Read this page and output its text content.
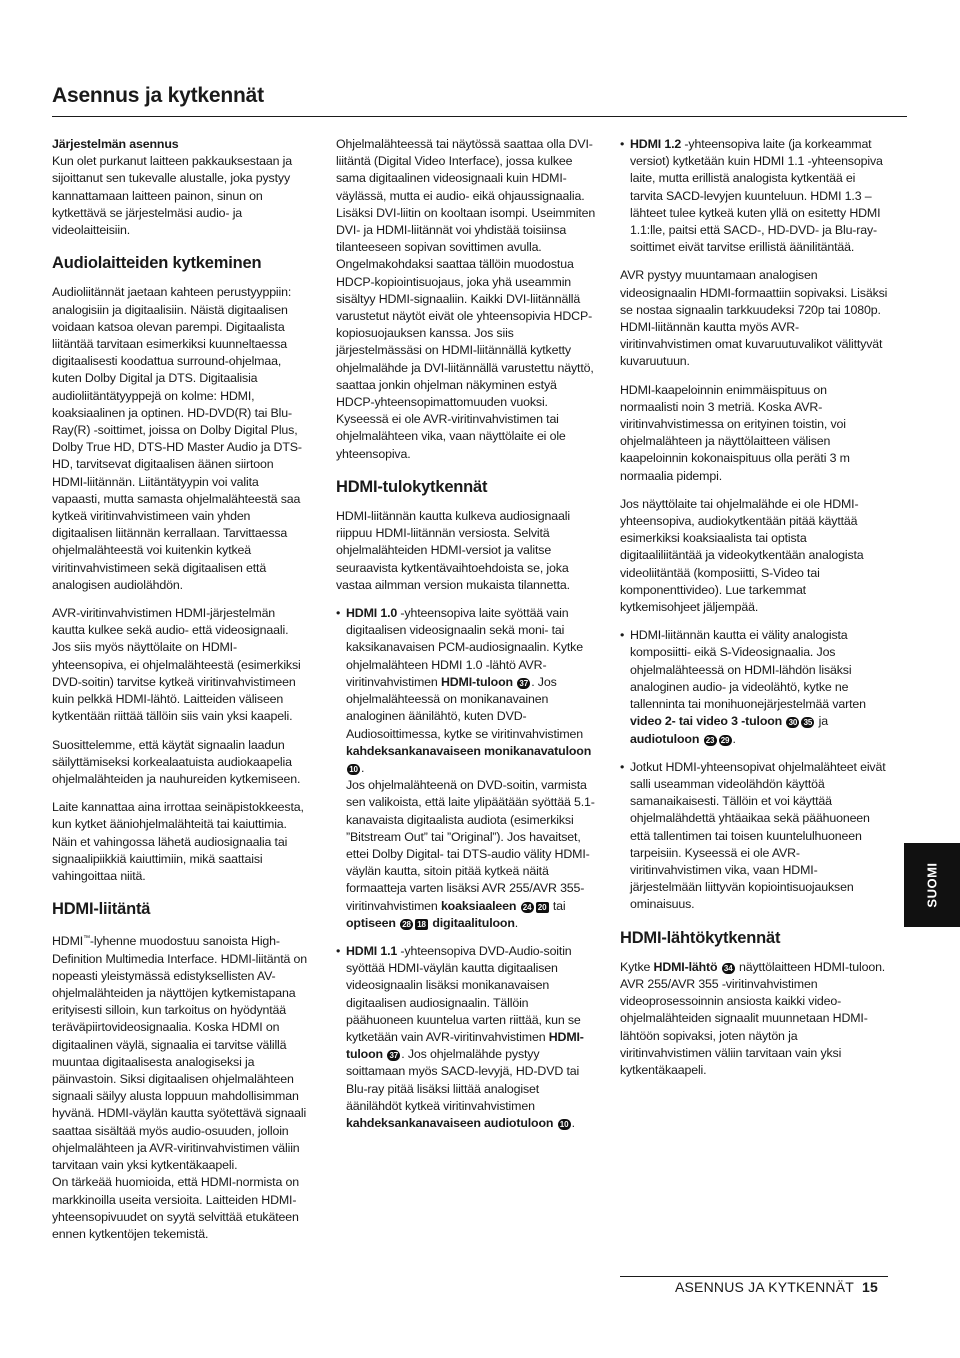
Asennus ja kytkennät
Järjestelmän asennus

Kun olet purkanut laitteen pakkauksestaan ja sijoittanut sen tukevalle alustalle, joka pystyy kannattamaan laitteen painon, sinun on kytkettävä se järjestelmäsi audio- ja videolaitteisiin.

Audiolaitteiden kytkeminen

Audioliitännät jaetaan kahteen perustyyppiin: analogisiin ja digitaalisiin. Näistä digitaalisen voidaan katsoa olevan parempi. Digitaalista liitäntää tarvitaan esimerkiksi kuunneltaessa digitaalisesti koodattua surround-ohjelmaa, kuten Dolby Digital ja DTS. Digitaalisia audioliitäntätyyppejä on kolme: HDMI, koaksiaalinen ja optinen. HD-DVD(R) tai Blu-Ray(R) -soittimet, joissa on Dolby Digital Plus, Dolby True HD, DTS-HD Master Audio ja DTS-HD, tarvitsevat digitaalisen äänen siirtoon HDMI-liitännän. Liitäntätyypin voi valita vapaasti, mutta samasta ohjelmalähteestä saa kytkeä viritinvahvistimeen vain yhden digitaalisen liitännän kerrallaan. Tarvittaessa ohjelmalähteestä voi kuitenkin kytkeä viritinvahvistimeen sekä digitaalisen että analogisen audiolähdön.

AVR-viritinvahvistimen HDMI-järjestelmän kautta kulkee sekä audio- että videosignaali. Jos siis myös näyttölaite on HDMI-yhteensopiva, ei ohjelmalähteestä (esimerkiksi DVD-soitin) tarvitse kytkeä viritinvahvistimeen kuin pelkkä HDMI-lähtö. Laitteiden väliseen kytkentään riittää tällöin siis vain yksi kaapeli.

Suosittelemme, että käytät signaalin laadun säilyttämiseksi korkealaatuista audiokaapelia ohjelmalähteiden ja nauhureiden kytkemiseen.

Laite kannattaa aina irrottaa seinäpistokkeesta, kun kytket ääniohjelmalähteitä tai kaiuttimia. Näin et vahingossa lähetä audiosignaalia tai signaalipiikkiä kaiuttimiin, mikä saattaisi vahingoittaa niitä.

HDMI-liitäntä

HDMI™-lyhenne muodostuu sanoista High-Definition Multimedia Interface. HDMI-liitäntä on nopeasti yleistymässä edistyksellisten AV-ohjelmalähteiden ja näyttöjen kytkemistapana erityisesti silloin, kun tarkoitus on hyödyntää teräväpiirtovideosignaalia. Koska HDMI on digitaalinen väylä, signaalia ei tarvitse välillä muuntaa digitaalisesta analogiseksi ja päinvastoin. Siksi digitaalisen ohjelmalähteen signaali säilyy alusta loppuun mahdollisimman hyvänä. HDMI-väylän kautta syötettävä signaali saattaa sisältää myös audio-osuuden, jolloin ohjelmalähteen ja AVR-viritinvahvistimen väliin tarvitaan vain yksi kytkentäkaapeli.

On tärkeää huomioida, että HDMI-normista on markkinoilla useita versioita. Laitteiden HDMI-yhteensopivuudet on syytä selvittää etukäteen ennen kytkentöjen tekemistä.

Ohjelmalähteessä tai näytössä saattaa olla DVI-liitäntä (Digital Video Interface), jossa kulkee sama digitaalinen videosignaali kuin HDMI-väylässä, mutta ei audio- eikä ohjaussignaalia. Lisäksi DVI-liitin on kooltaan isompi. Useimmiten DVI- ja HDMI-liitännät voi yhdistää toisiinsa tilanteeseen sopivan sovittimen avulla. Ongelmakohdaksi saattaa tällöin muodostua HDCP-kopiointisuojaus, joka yhä useammin sisältyy HDMI-signaaliin. Kaikki DVI-liitännällä varustetut näytöt eivät ole yhteensopivia HDCP-kopiosuojauksen kanssa. Jos siis järjestelmässäsi on HDMI-liitännällä kytketty ohjelmalähde ja DVI-liitännällä varustettu näyttö, saattaa jonkin ohjelman näkyminen estyä HDCP-yhteensopimattomuuden vuoksi. Kyseessä ei ole AVR-viritinvahvistimen tai ohjelmalähteen vika, vaan näyttölaite ei ole yhteensopiva.

HDMI-tulokytkennät

HDMI-liitännän kautta kulkeva audiosignaali riippuu HDMI-liitännän versiosta. Selvitä ohjelmalähteiden HDMI-versiot ja valitse seuraavista kytkentävaihtoehdoista se, joka vastaa ailmman version mukaista tilannetta.

• HDMI 1.0 -yhteensopiva laite syöttää vain digitaalisen videosignaalin sekä moni- tai kaksikanavaisen PCM-audiosignaalin. Kytke ohjelmalähteen HDMI 1.0 -lähtö AVR-viritinvahvistimen HDMI-tuloon 37 . Jos ohjelmalähteessä on monikanavainen analoginen äänilähtö, kuten DVD-Audiosoittimessa, kytke se viritinvahvistimen kahdeksankanavaiseen monikanavatuloon 10 .
Jos ohjelmalähteenä on DVD-soitin, varmista sen valikoista, että laite ylipäätään syöttää 5.1-kanavaista digitaalista audiota (esimerkiksi ”Bitstream Out” tai ”Original”). Jos havaitset, ettei Dolby Digital- tai DTS-audio välity HDMI-väylän kautta, sitoin pitää kytkeä näitä formaatteja varten lisäksi AVR 255/AVR 355-viritinvahvistimen koaksiaaleen 24 20 tai optiseen 28 18 digitaalituloon.
• HDMI 1.1 -yhteensopiva DVD-Audio-soitin syöttää HDMI-väylän kautta digitaalisen videosignaalin lisäksi monikanavaisen digitaalisen audiosignaalin. Tällöin päähuoneen kuuntelua varten riittää, kun se kytketään vain AVR-viritinvahvistimen HDMI-tuloon 37 . Jos ohjelmalähde pystyy soittamaan myös SACD-levyjä, HD-DVD tai Blu-ray pitää lisäksi liittää analogiset äänilähdöt kytkeä viritinvahvistimen kahdeksankanavaiseen audiotuloon 10 .
• HDMI 1.2 -yhteensopiva laite (ja korkeammat versiot) kytketään kuin HDMI 1.1 -yhteensopiva laite, mutta erillistä analogista kytkentää ei tarvita SACD-levyjen kuunteluun. HDMI 1.3 –lähteet tulee kytkeä kuten yllä on esitetty HDMI 1.1:lle, paitsi että SACD-, HD-DVD- ja Blu-ray-soittimet eivät tarvitse erillistä äänilitäntää.

AVR pystyy muuntamaan analogisen videosignaalin HDMI-formaattiin sopivaksi. Lisäksi se nostaa signaalin tarkkuudeksi 720p tai 1080p. HDMI-liitännän kautta myös AVR-viritinvahvistimen omat kuvaruutuvalikot välittyvät kuvaruutuun.

HDMI-kaapeloinnin enimmäispituus on normaalisti noin 3 metriä. Koska AVR-viritinvahvistimessa on erityinen toistin, voi ohjelmalähteen ja näyttölaitteen välisen kaapeloinnin kokonaispituus olla peräti 3 m normaalia pidempi.

Jos näyttölaite tai ohjelmalähde ei ole HDMI-yhteensopiva, audiokytkentään pitää käyttää esimerkiksi koaksiaalista tai optista digitaaliliitäntää ja videokytkentään analogista videoliitäntää (komposiitti, S-Video tai komponenttivideo). Lue tarkemmat kytkemisohjeet jäljempää.

• HDMI-liitännän kautta ei välity analogista komposiitti- eikä S-Videosignaalia. Jos ohjelmalähteessä on HDMI-lähdön lisäksi analoginen audio- ja videolähtö, kytke ne tallenninta tai monihuonejärjestelmää varten video 2- tai video 3 -tuloon 30 35 ja audiotuloon 23 29 .
• Jotkut HDMI-yhteensopivat ohjelmalähteet eivät salli useamman videolähdön käyttöä samanaikaisesti. Tällöin et voi käyttää ohjelmalähdettä yhtäaikaa sekä päähuoneen että tallentimen tai toisen kuuntelulhuoneen tarpeisiin. Kyseessä ei ole AVR-viritinvahvistimen vika, vaan HDMI-järjestelmään liittyvän kopiointisuojauksen ominaisuus.
HDMI-lähtökytkennät

Kytke HDMI-lähtö 34 näyttölaitteen HDMI-tuloon. AVR 255/AVR 355 -viritinvahvistimen videoprosessoinnin ansiosta kaikki video-ohjelmalähteiden signaalit muunnetaan HDMI-lähtöön sopivaksi, joten näytön ja viritinvahvistimen väliin tarvitaan vain yksi kytkentäkaapeli.

SUOMI
ASENNUS JA KYTKENNÄT 15
